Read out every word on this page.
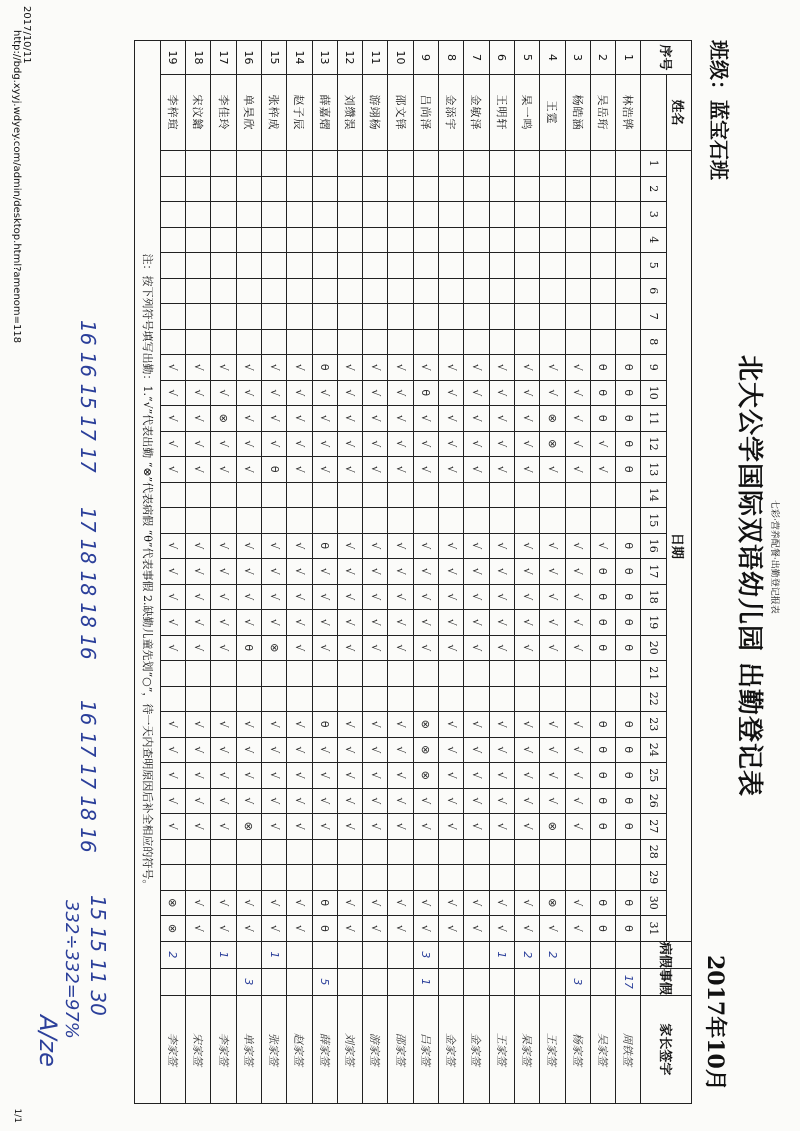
2017/10/11
http://bdg.xyyj.wdyey.com/admin/desktop.html?amenom=118
1/1
七彩·营养配餐·出勤登记报表
北大公学国际双语幼儿园 出勤登记表
班级：蓝宝石班
2017年10月
序号	姓名	日期																															病假	事假	家长签字
		1	2	3	4	5	6	7	8	9	10	11	12	13	14	15	16	17	18	19	20	21	22	23	24	25	26	27	28	29	30	31			
1	林浩铧									θ	θ	θ	θ	θ			θ	θ	θ	θ	θ			θ	θ	θ	θ	θ			θ	θ		17	周铁签
2	吴岳珩									θ	θ	θ	√	√			√	θ	θ	θ	θ			θ	θ	θ	θ	θ			θ	θ			吴家签
3	杨皓涵									√	√	√	√	√			√	√	√	√	√			√	√	√	√	√			√	√		3	杨家签
4	王霆									√	√	⊗	⊗	√			√	√	√	√	√			√	√	√	√	⊗			⊗	√	2		王家签
5	杲一鸣									√	√	√	√	√			√	√	√	√	√			√	√	√	√	√			√	√	2		杲家签
6	王明轩									√	√	√	√	√			√	√	√	√	√			√	√	√	√	√			√	√	1		王家签
7	金敏泽									√	√	√	√	√			√	√	√	√	√			√	√	√	√	√			√	√			金家签
8	金添宇									√	√	√	√	√			√	√	√	√	√			√	√	√	√	√			√	√			金家签
9	吕尚泽									√	θ	√	√	√			√	√	√	√	√			⊗	⊗	⊗	√	√			√	√	3	1	吕家签
10	邵文铎									√	√	√	√	√			√	√	√	√	√			√	√	√	√	√			√	√			邵家签
11	游翊杨									√	√	√	√	√			√	√	√	√	√			√	√	√	√	√			√	√			游家签
12	刘缵淏									√	√	√	√	√			√	√	√	√	√			√	√	√	√	√			√	√			刘家签
13	薛嘉熠									θ	√	√	√	√			θ	√	√	√	√			θ	√	√	√	√			θ	θ		5	薛家签
14	赵子辰									√	√	√	√	√			√	√	√	√	√			√	√	√	√	√			√	√			赵家签
15	张梓成									√	√	√	√	θ			√	√	√	√	⊗			√	√	√	√	√			√	√	1		张家签
16	单昊欣									√	√	√	√	√			√	√	√	√	θ			√	√	√	√	⊗			√	√		3	单家签
17	李佳玲									√	√	⊗	√	√			√	√	√	√	√			√	√	√	√	√			√	√	1		李家签
18	宋汶鎗									√	√	√	√	√			√	√	√	√	√			√	√	√	√	√			√	√			宋家签
19	李梓瑄									√	√	√	√	√			√	√	√	√	√			√	√	√	√	√			⊗	⊗	2		李家签
注：按下列符号填写出勤：1.“√”代表出勤 “⊗”代表病假 “θ”代表事假 2.缺勤儿童先划“○”，待一天内查明原因后补全相应的符号。																																			
16 16 15 17 17
17 18 18 18 16
16 17 17 18 16
15 15 11 30
332÷332=97%
A/ze
